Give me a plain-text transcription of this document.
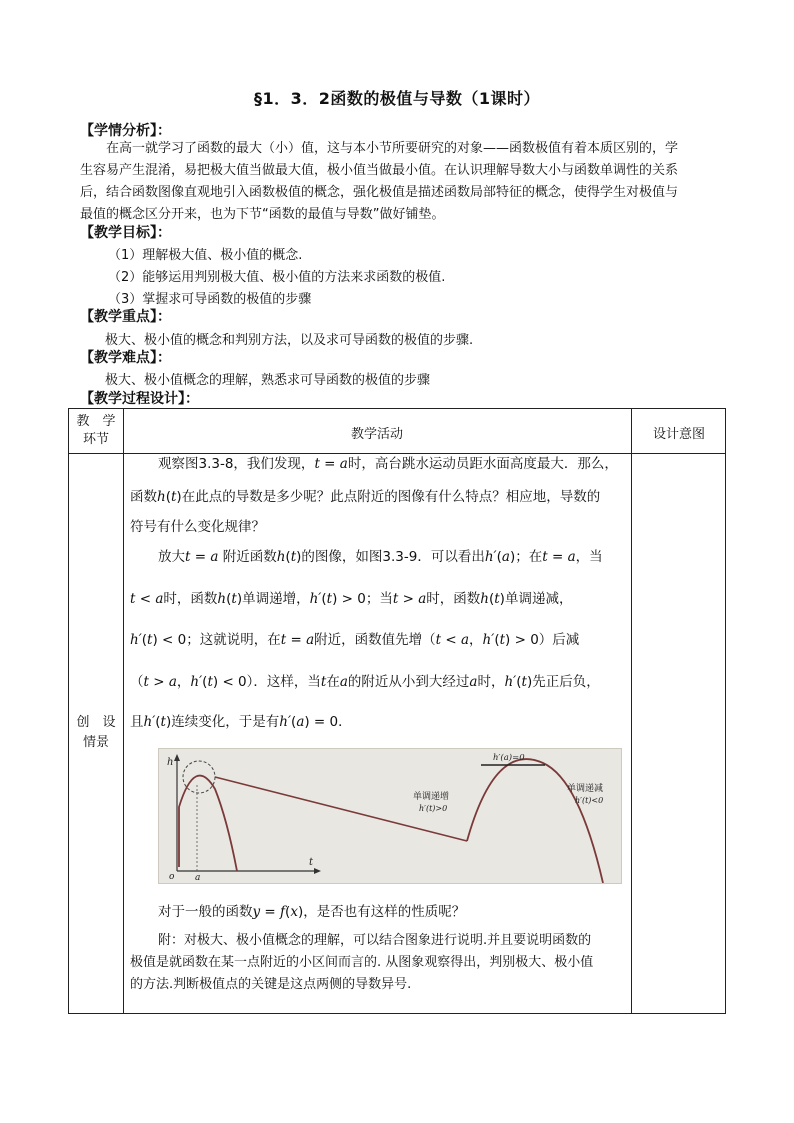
§1．3．2函数的极值与导数（1课时）
【学情分析】：
在高一就学习了函数的最大（小）值，这与本小节所要研究的对象——函数极值有着本质区别的，学
生容易产生混淆，易把极大值当做最大值，极小值当做最小值。在认识理解导数大小与函数单调性的关系
后，结合函数图像直观地引入函数极值的概念，强化极值是描述函数局部特征的概念，使得学生对极值与
最值的概念区分开来，也为下节“函数的最值与导数”做好铺垫。
【教学目标】：
（1）理解极大值、极小值的概念.
（2）能够运用判别极大值、极小值的方法来求函数的极值.
（3）掌握求可导函数的极值的步骤
【教学重点】：
极大、极小值的概念和判别方法，以及求可导函数的极值的步骤.
【教学难点】：
极大、极小值概念的理解，熟悉求可导函数的极值的步骤
【教学过程设计】：
教　学
环节	教学活动	设计意图
创　设
情景
观察图3.3-8，我们发现，t = a时，高台跳水运动员距水面高度最大．那么，
函数h(t)在此点的导数是多少呢？此点附近的图像有什么特点？相应地，导数的
符号有什么变化规律？
放大t = a 附近函数h(t)的图像，如图3.3-9．可以看出h′(a)；在t = a，当
t < a时，函数h(t)单调递增，h′(t) > 0；当t > a时，函数h(t)单调递减，
h′(t) < 0；这就说明，在t = a附近，函数值先增（t < a，h′(t) > 0）后减
（t > a，h′(t) < 0）．这样，当t在a的附近从小到大经过a时，h′(t)先正后负，
且h′(t)连续变化，于是有h′(a) = 0．
对于一般的函数y = f(x)，是否也有这样的性质呢？
h
t
o a
h′(a)=0
单调递增
h′(t)>0
单调递减
h′(t)<0
附：对极大、极小值概念的理解，可以结合图象进行说明.并且要说明函数的
极值是就函数在某一点附近的小区间而言的. 从图象观察得出，判别极大、极小值
的方法.判断极值点的关键是这点两侧的导数异号.
